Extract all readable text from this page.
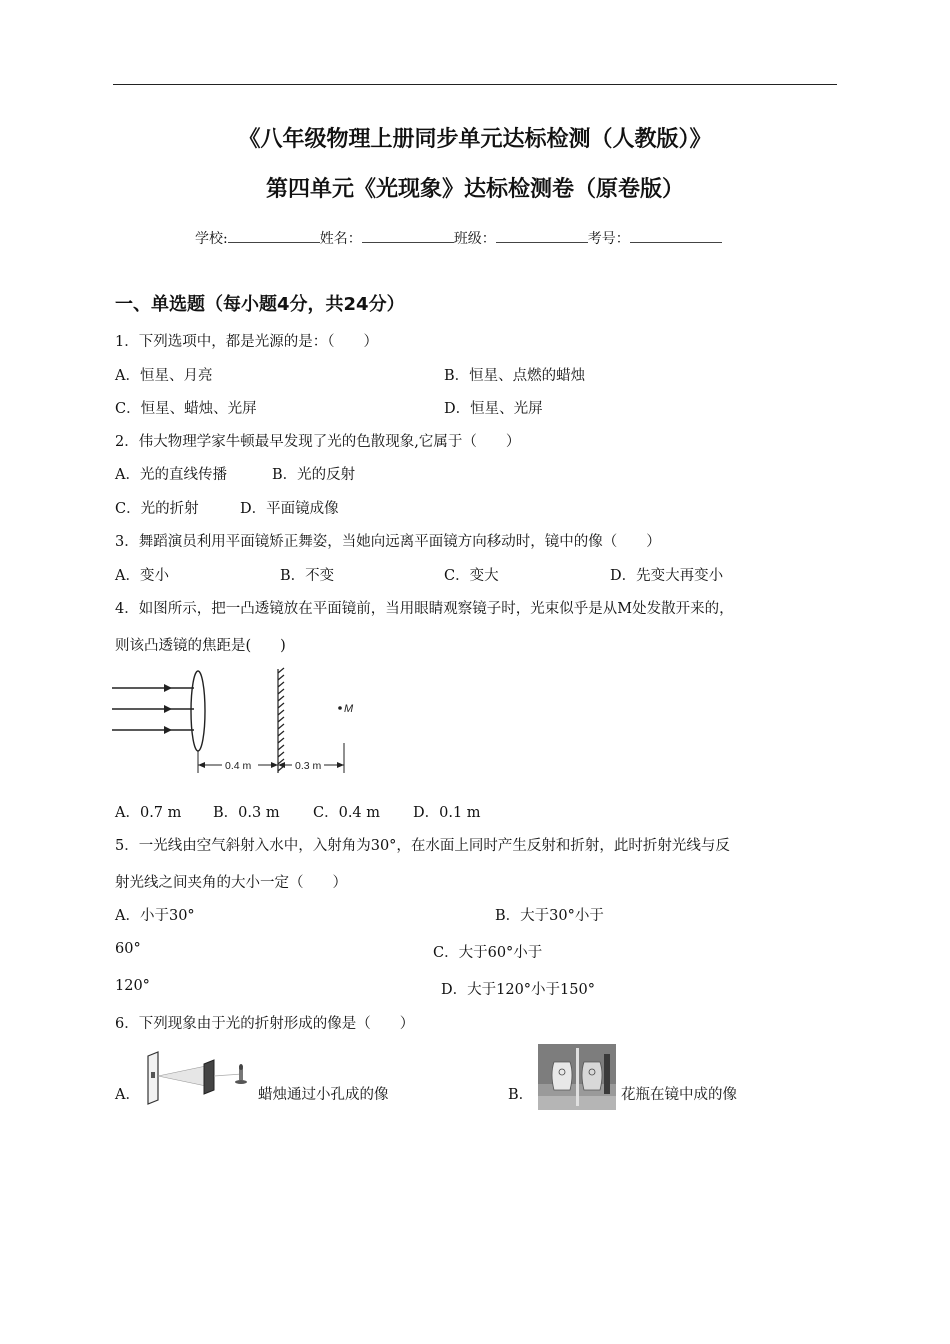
《八年级物理上册同步单元达标检测（人教版）》
第四单元《光现象》达标检测卷（原卷版）
学校:	姓名：	班级：	考号：
一、单选题（每小题4分，共24分）
1．下列选项中，都是光源的是：（　　）
A．恒星、月亮	B．恒星、点燃的蜡烛
C．恒星、蜡烛、光屏	D．恒星、光屏
2．伟大物理学家牛顿最早发现了光的色散现象,它属于（　　）
A．光的直线传播	B．光的反射
C．光的折射	D．平面镜成像
3．舞蹈演员利用平面镜矫正舞姿，当她向远离平面镜方向移动时，镜中的像（　　）
A．变小	B．不变	C．变大	D．先变大再变小
4．如图所示，把一凸透镜放在平面镜前，当用眼睛观察镜子时，光束似乎是从M处发散开来的，
则该凸透镜的焦距是(　　)
M
0.4 m	0.3 m
A．0.7 m B．0.3 m C．0.4 m D．0.1 m
5．一光线由空气斜射入水中，入射角为30°，在水面上同时产生反射和折射，此时折射光线与反
射光线之间夹角的大小一定（　　）
A．小于30°	B．大于30°小于
60°	C．大于60°小于
120°	D．大于120°小于150°
6．下列现象由于光的折射形成的像是（　　）
A．	蜡烛通过小孔成的像	B．	花瓶在镜中成的像
